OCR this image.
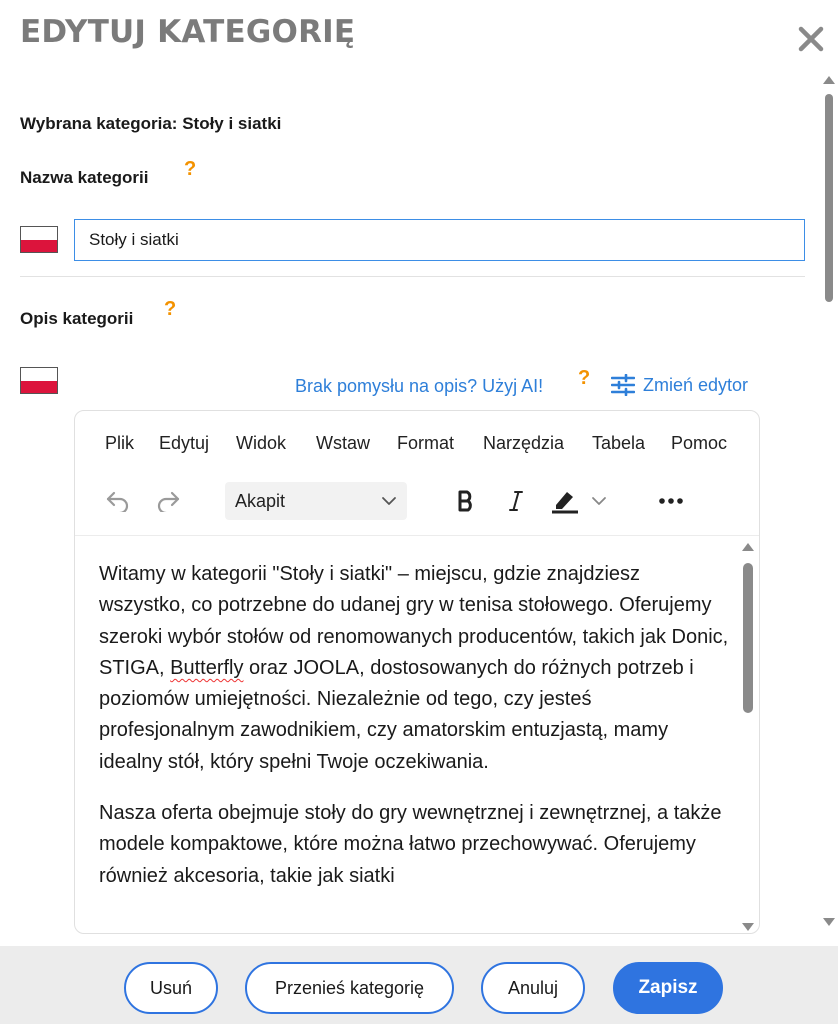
EDYTUJ KATEGORIĘ
Wybrana kategoria: Stoły i siatki
Nazwa kategorii ?
Stoły i siatki
Opis kategorii ?
Brak pomysłu na opis? Użyj AI! ?	Zmień edytor
Plik Edytuj Widok Wstaw Format Narzędzia Tabela Pomoc
Akapit

Witamy w kategorii "Stoły i siatki" – miejscu, gdzie znajdziesz wszystko, co potrzebne do udanej gry w tenisa stołowego. Oferujemy szeroki wybór stołów od renomowanych producentów, takich jak Donic, STIGA, Butterfly oraz JOOLA, dostosowanych do różnych potrzeb i poziomów umiejętności. Niezależnie od tego, czy jesteś profesjonalnym zawodnikiem, czy amatorskim entuzjastą, mamy idealny stół, który spełni Twoje oczekiwania.

Nasza oferta obejmuje stoły do gry wewnętrznej i zewnętrznej, a także modele kompaktowe, które można łatwo przechowywać. Oferujemy również akcesoria, takie jak siatki

Usuń	Przenieś kategorię	Anuluj	Zapisz
